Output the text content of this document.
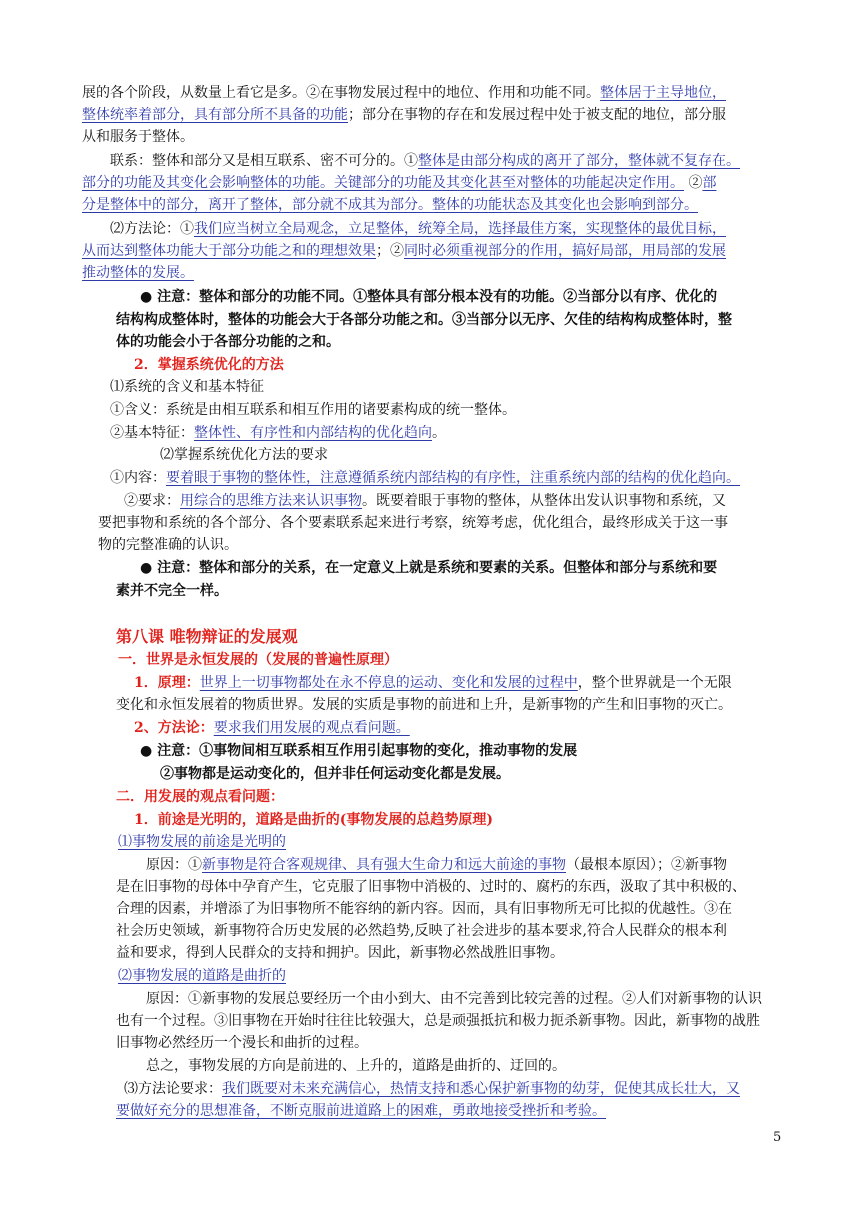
展的各个阶段，从数量上看它是多。②在事物发展过程中的地位、作用和功能不同。整体居于主导地位，
整体统率着部分，具有部分所不具备的功能；部分在事物的存在和发展过程中处于被支配的地位，部分服
从和服务于整体。
联系：整体和部分又是相互联系、密不可分的。①整体是由部分构成的离开了部分，整体就不复存在。
部分的功能及其变化会影响整体的功能。关键部分的功能及其变化甚至对整体的功能起决定作用。 ②部
分是整体中的部分，离开了整体，部分就不成其为部分。整体的功能状态及其变化也会影响到部分。
⑵方法论：①我们应当树立全局观念，立足整体，统筹全局，选择最佳方案，实现整体的最优目标，
从而达到整体功能大于部分功能之和的理想效果；②同时必须重视部分的作用，搞好局部，用局部的发展
推动整体的发展。
● 注意：整体和部分的功能不同。①整体具有部分根本没有的功能。②当部分以有序、优化的
结构构成整体时，整体的功能会大于各部分功能之和。③当部分以无序、欠佳的结构构成整体时，整
体的功能会小于各部分功能的之和。
2．掌握系统优化的方法
⑴系统的含义和基本特征
①含义：系统是由相互联系和相互作用的诸要素构成的统一整体。
②基本特征：整体性、有序性和内部结构的优化趋向。
⑵掌握系统优化方法的要求
①内容：要着眼于事物的整体性，注意遵循系统内部结构的有序性，注重系统内部的结构的优化趋向。
②要求：用综合的思维方法来认识事物。既要着眼于事物的整体，从整体出发认识事物和系统，又
要把事物和系统的各个部分、各个要素联系起来进行考察，统筹考虑，优化组合，最终形成关于这一事
物的完整准确的认识。
● 注意：整体和部分的关系，在一定意义上就是系统和要素的关系。但整体和部分与系统和要
素并不完全一样。
第八课 唯物辩证的发展观
一．世界是永恒发展的（发展的普遍性原理）
1．原理：世界上一切事物都处在永不停息的运动、变化和发展的过程中，整个世界就是一个无限
变化和永恒发展着的物质世界。发展的实质是事物的前进和上升，是新事物的产生和旧事物的灭亡。
2、方法论：要求我们用发展的观点看问题。
● 注意：①事物间相互联系相互作用引起事物的变化，推动事物的发展
②事物都是运动变化的，但并非任何运动变化都是发展。
二．用发展的观点看问题：
1．前途是光明的，道路是曲折的(事物发展的总趋势原理)
⑴事物发展的前途是光明的
原因：①新事物是符合客观规律、具有强大生命力和远大前途的事物（最根本原因）；②新事物
是在旧事物的母体中孕育产生，它克服了旧事物中消极的、过时的、腐朽的东西，汲取了其中积极的、
合理的因素，并增添了为旧事物所不能容纳的新内容。因而，具有旧事物所无可比拟的优越性。③在
社会历史领域，新事物符合历史发展的必然趋势,反映了社会进步的基本要求,符合人民群众的根本利
益和要求，得到人民群众的支持和拥护。因此，新事物必然战胜旧事物。
⑵事物发展的道路是曲折的
原因：①新事物的发展总要经历一个由小到大、由不完善到比较完善的过程。②人们对新事物的认识
也有一个过程。③旧事物在开始时往往比较强大，总是顽强抵抗和极力扼杀新事物。因此，新事物的战胜
旧事物必然经历一个漫长和曲折的过程。
总之，事物发展的方向是前进的、上升的，道路是曲折的、迂回的。
⑶方法论要求：我们既要对未来充满信心，热情支持和悉心保护新事物的幼芽，促使其成长壮大，又
要做好充分的思想准备，不断克服前进道路上的困难，勇敢地接受挫折和考验。
5
